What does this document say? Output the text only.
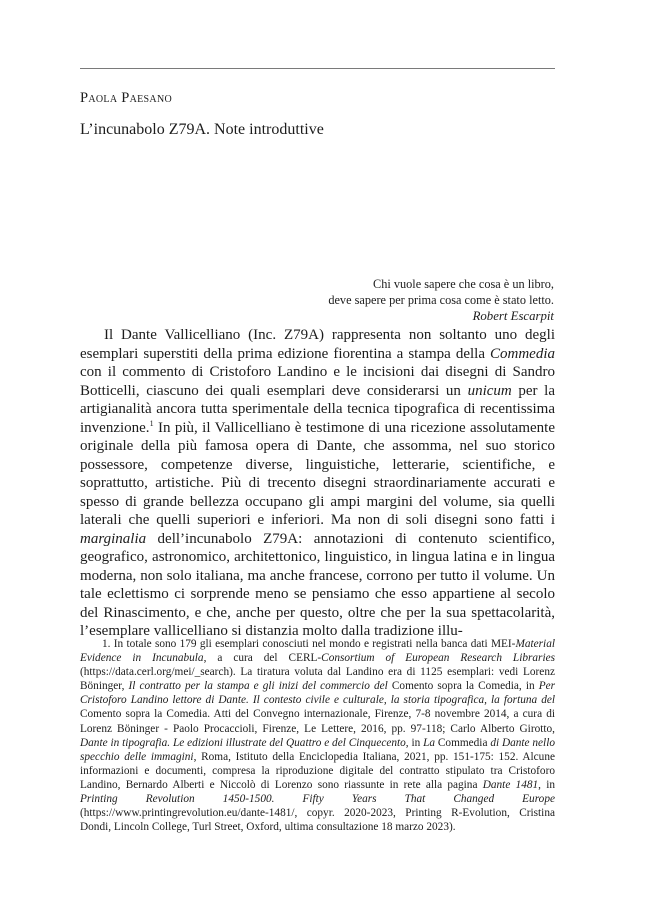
Paola Paesano
L’incunabolo Z79A. Note introduttive
Chi vuole sapere che cosa è un libro,
deve sapere per prima cosa come è stato letto.
Robert Escarpit

Il Dante Vallicelliano (Inc. Z79A) rappresenta non soltanto uno degli esemplari superstiti della prima edizione fiorentina a stampa della Commedia con il commento di Cristoforo Landino e le incisioni dai disegni di Sandro Botticelli, ciascuno dei quali esemplari deve considerarsi un unicum per la artigianalità ancora tutta sperimentale della tecnica tipografica di recentissima invenzione.$^1$ In più, il Vallicelliano è testimone di una ricezione assolutamente originale della più famosa opera di Dante, che assomma, nel suo storico possessore, competenze diverse, linguistiche, letterarie, scientifiche, e soprattutto, artistiche. Più di trecento disegni straordinariamente accurati e spesso di grande bellezza occupano gli ampi margini del volume, sia quelli laterali che quelli superiori e inferiori. Ma non di soli disegni sono fatti i marginalia dell’incunabolo Z79A: annotazioni di contenuto scientifico, geografico, astronomico, architettonico, linguistico, in lingua latina e in lingua moderna, non solo italiana, ma anche francese, corrono per tutto il volume. Un tale eclettismo ci sorprende meno se pensiamo che esso appartiene al secolo del Rinascimento, e che, anche per questo, oltre che per la sua spettacolarità, l’esemplare vallicelliano si distanzia molto dalla tradizione illu-

1. In totale sono 179 gli esemplari conosciuti nel mondo e registrati nella banca dati MEI-Material Evidence in Incunabula, a cura del CERL-Consortium of European Research Libraries (https://data.cerl.org/mei/_search). La tiratura voluta dal Landino era di 1125 esemplari: vedi Lorenz Böninger, Il contratto per la stampa e gli inizi del commercio del Comento sopra la Comedia, in Per Cristoforo Landino lettore di Dante. Il contesto civile e culturale, la storia tipografica, la fortuna del Comento sopra la Comedia. Atti del Convegno internazionale, Firenze, 7-8 novembre 2014, a cura di Lorenz Böninger - Paolo Procaccioli, Firenze, Le Lettere, 2016, pp. 97-118; Carlo Alberto Girotto, Dante in tipografia. Le edizioni illustrate del Quattro e del Cinquecento, in La Commedia di Dante nello specchio delle immagini, Roma, Istituto della Enciclopedia Italiana, 2021, pp. 151-175: 152. Alcune informazioni e documenti, compresa la riproduzione digitale del contratto stipulato tra Cristoforo Landino, Bernardo Alberti e Niccolò di Lorenzo sono riassunte in rete alla pagina Dante 1481, in Printing Revolution 1450-1500. Fifty Years That Changed Europe (https://www.printingrevolution.eu/dante-1481/, copyr. 2020-2023, Printing R-Evolution, Cristina Dondi, Lincoln College, Turl Street, Oxford, ultima consultazione 18 marzo 2023).
